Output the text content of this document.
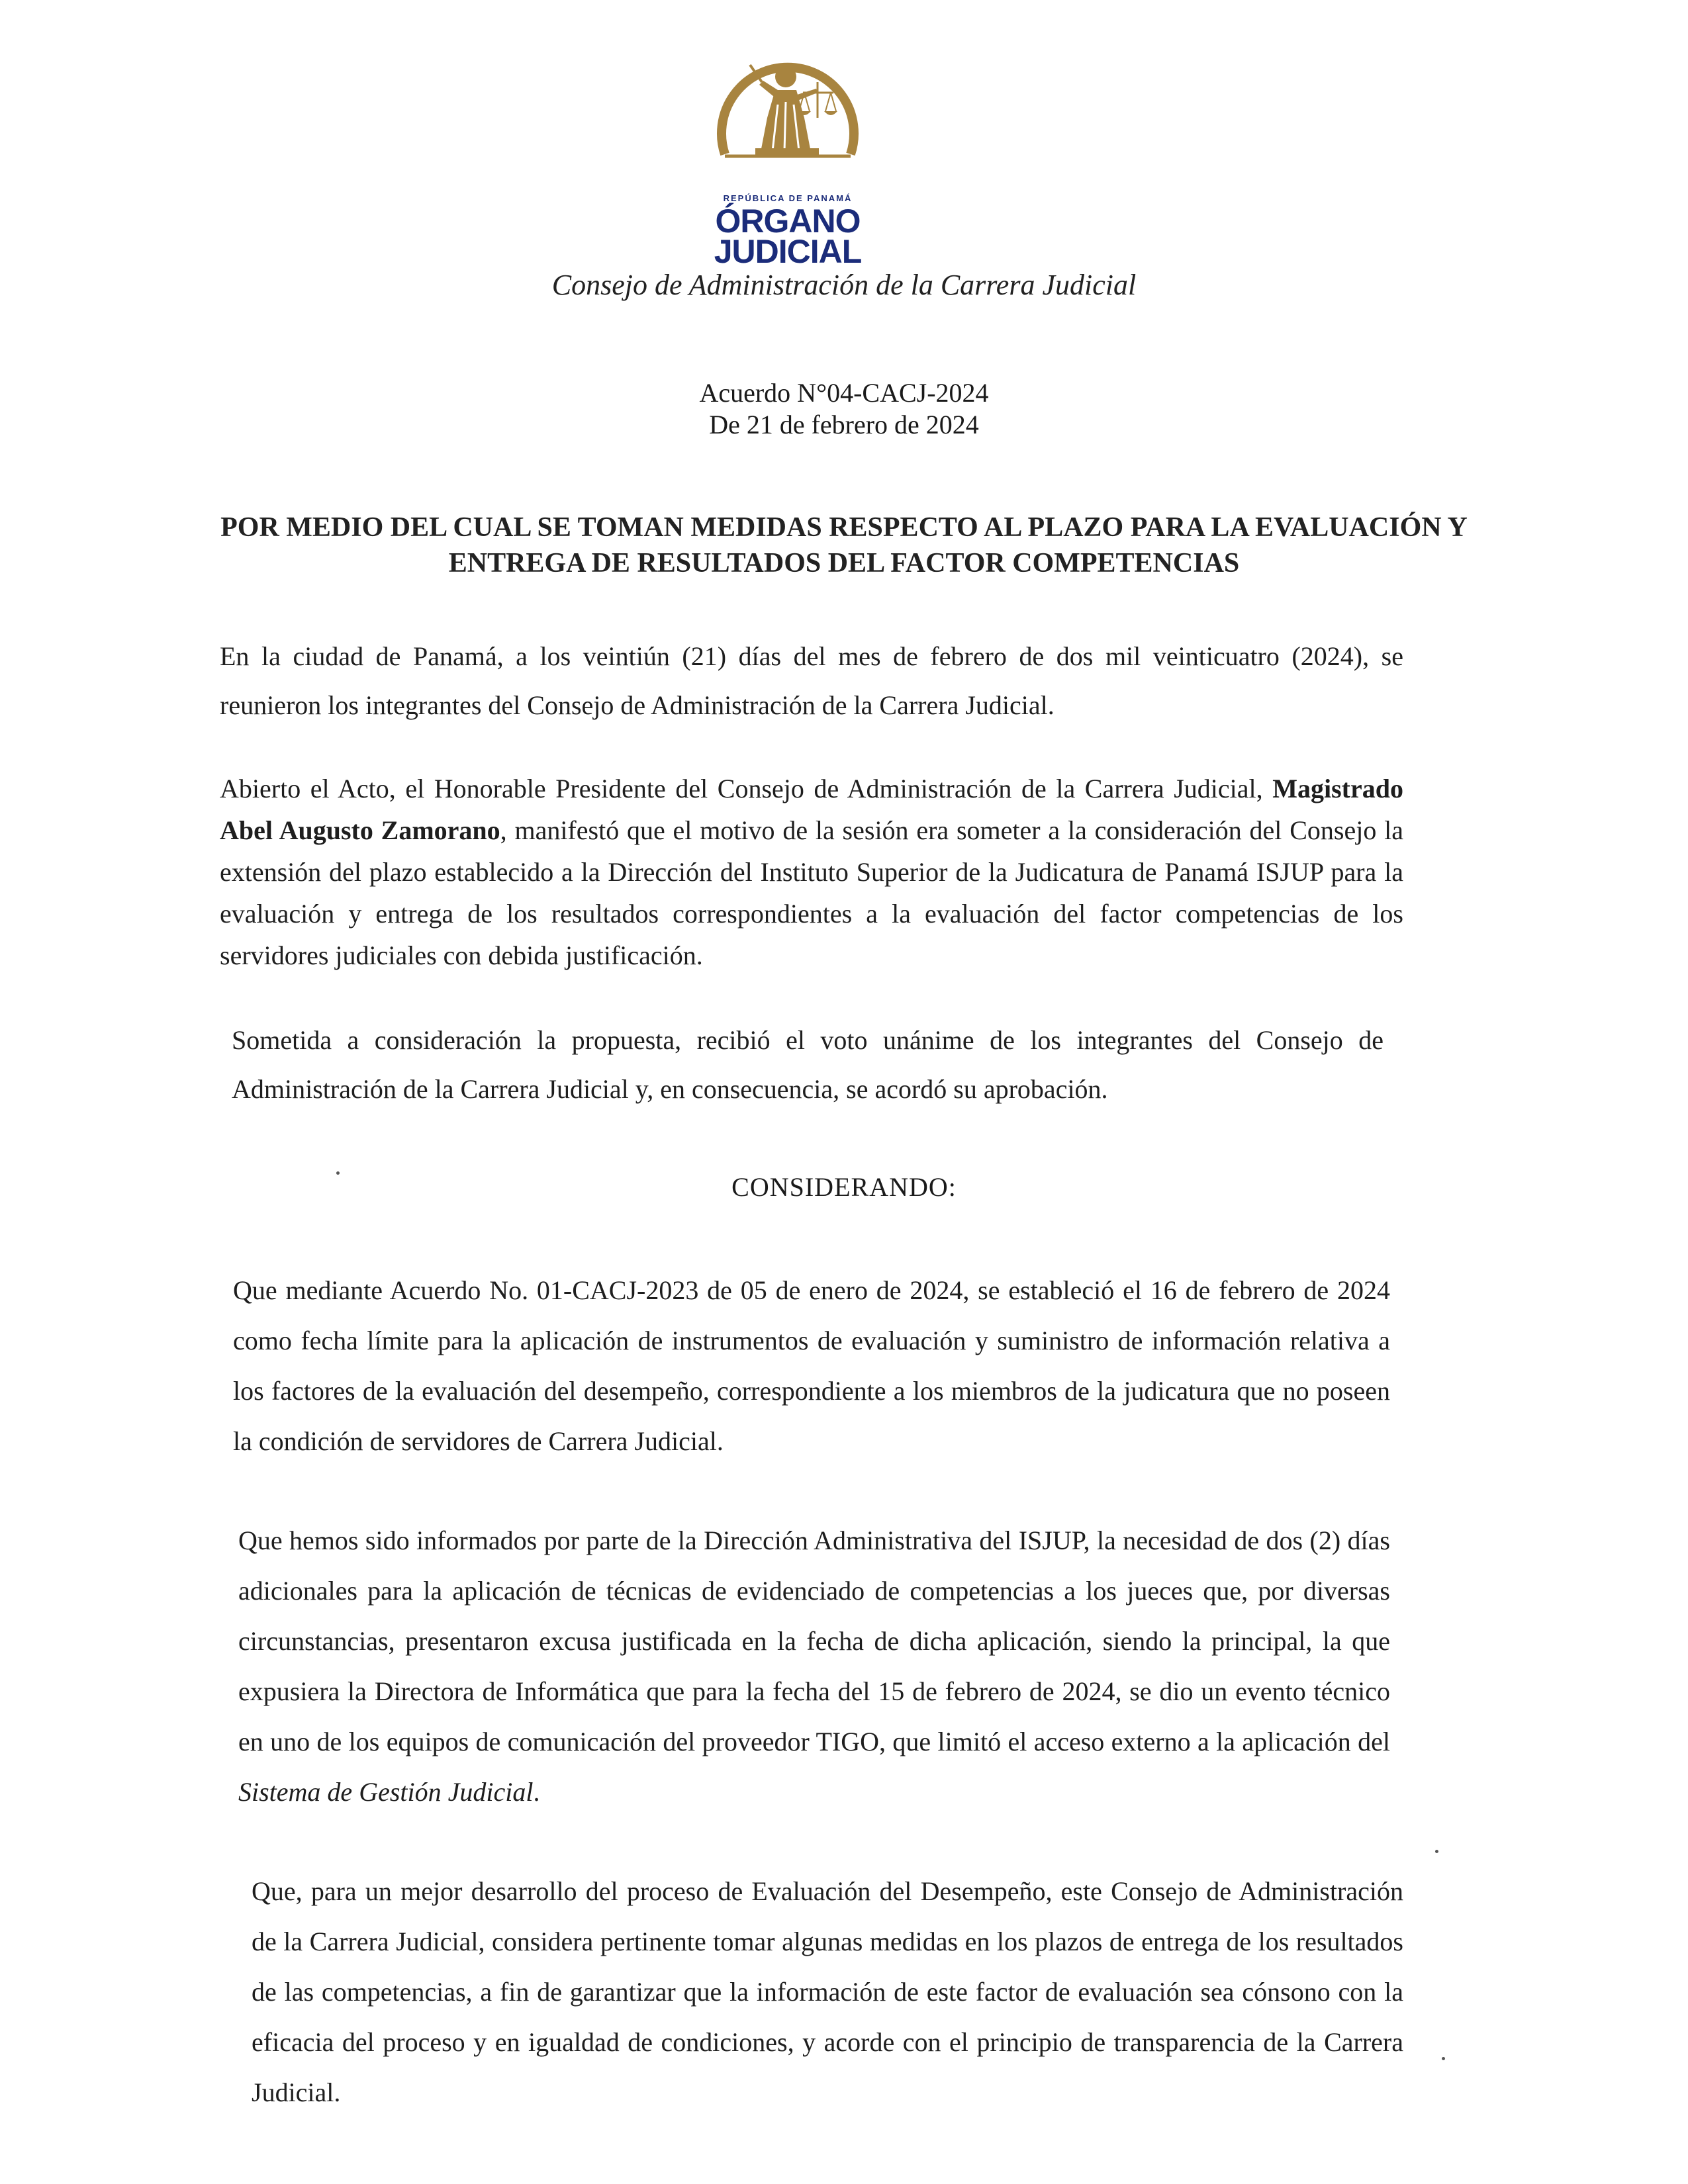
REPÚBLICA DE PANAMÁ
ÓRGANO
JUDICIAL
Consejo de Administración de la Carrera Judicial
Acuerdo N°04-CACJ-2024
De 21 de febrero de 2024
POR MEDIO DEL CUAL SE TOMAN MEDIDAS RESPECTO AL PLAZO PARA LA EVALUACIÓN Y ENTREGA DE RESULTADOS DEL FACTOR COMPETENCIAS
En la ciudad de Panamá, a los veintiún (21) días del mes de febrero de dos mil veinticuatro (2024), se reunieron los integrantes del Consejo de Administración de la Carrera Judicial.
Abierto el Acto, el Honorable Presidente del Consejo de Administración de la Carrera Judicial, Magistrado Abel Augusto Zamorano, manifestó que el motivo de la sesión era someter a la consideración del Consejo la extensión del plazo establecido a la Dirección del Instituto Superior de la Judicatura de Panamá ISJUP para la evaluación y entrega de los resultados correspondientes a la evaluación del factor competencias de los servidores judiciales con debida justificación.
Sometida a consideración la propuesta, recibió el voto unánime de los integrantes del Consejo de Administración de la Carrera Judicial y, en consecuencia, se acordó su aprobación.
CONSIDERANDO:
Que mediante Acuerdo No. 01-CACJ-2023 de 05 de enero de 2024, se estableció el 16 de febrero de 2024 como fecha límite para la aplicación de instrumentos de evaluación y suministro de información relativa a los factores de la evaluación del desempeño, correspondiente a los miembros de la judicatura que no poseen la condición de servidores de Carrera Judicial.
Que hemos sido informados por parte de la Dirección Administrativa del ISJUP, la necesidad de dos (2) días adicionales para la aplicación de técnicas de evidenciado de competencias a los jueces que, por diversas circunstancias, presentaron excusa justificada en la fecha de dicha aplicación, siendo la principal, la que expusiera la Directora de Informática que para la fecha del 15 de febrero de 2024, se dio un evento técnico en uno de los equipos de comunicación del proveedor TIGO, que limitó el acceso externo a la aplicación del Sistema de Gestión Judicial.
Que, para un mejor desarrollo del proceso de Evaluación del Desempeño, este Consejo de Administración de la Carrera Judicial, considera pertinente tomar algunas medidas en los plazos de entrega de los resultados de las competencias, a fin de garantizar que la información de este factor de evaluación sea cónsono con la eficacia del proceso y en igualdad de condiciones, y acorde con el principio de transparencia de la Carrera Judicial.
